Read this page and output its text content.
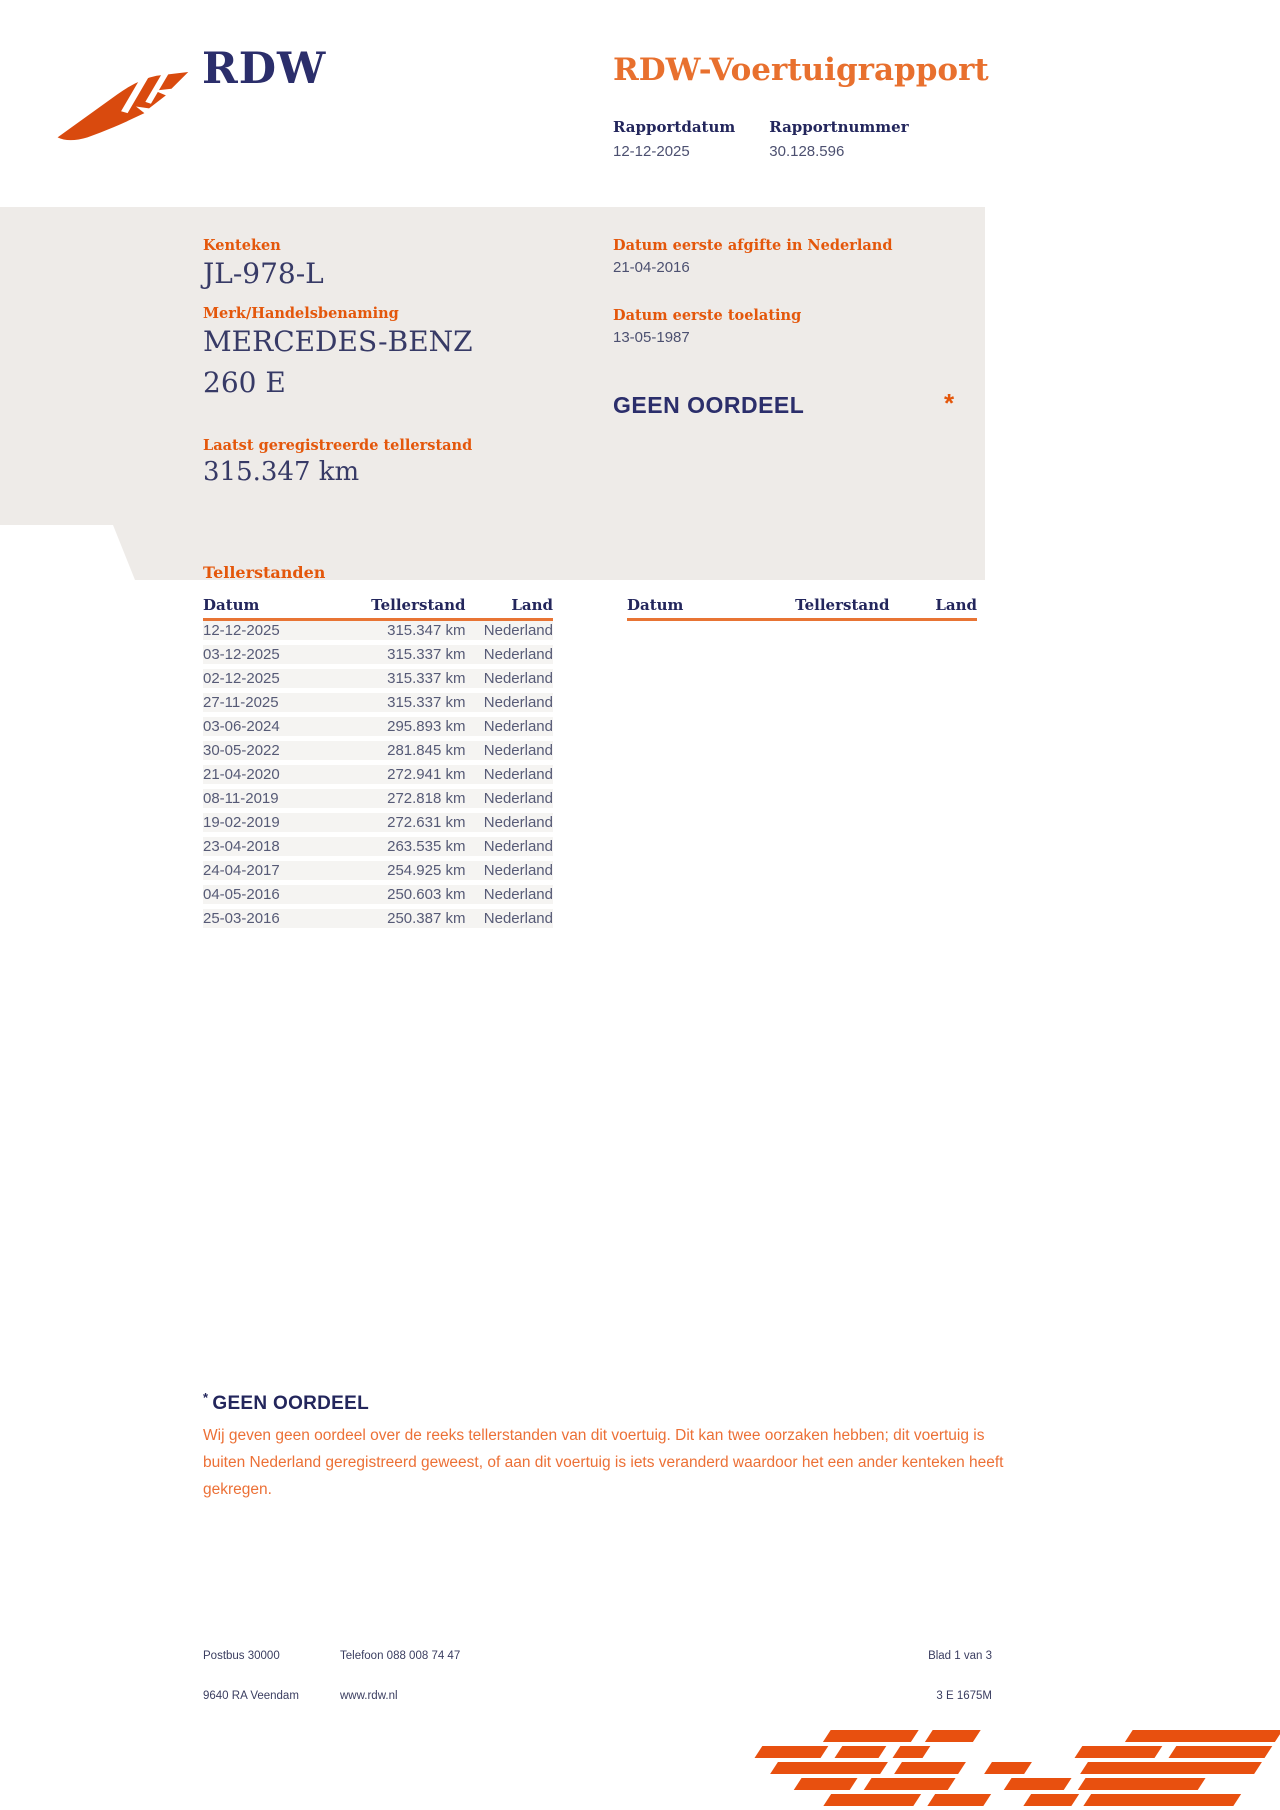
RDW	RDW-Voertuigrapport
Rapportdatum
12-12-2025
Rapportnummer
30.128.596
Kenteken
JL-978-L
Merk/Handelsbenaming
MERCEDES-BENZ
260 E
Laatst geregistreerde tellerstand
315.347 km
Datum eerste afgifte in Nederland
21-04-2016
Datum eerste toelating
13-05-1987
GEEN OORDEEL	*
Tellerstanden
Datum	Tellerstand	Land
12-12-2025	315.347 km	Nederland
03-12-2025	315.337 km	Nederland
02-12-2025	315.337 km	Nederland
27-11-2025	315.337 km	Nederland
03-06-2024	295.893 km	Nederland
30-05-2022	281.845 km	Nederland
21-04-2020	272.941 km	Nederland
08-11-2019	272.818 km	Nederland
19-02-2019	272.631 km	Nederland
23-04-2018	263.535 km	Nederland
24-04-2017	254.925 km	Nederland
04-05-2016	250.603 km	Nederland
25-03-2016	250.387 km	Nederland
Datum	Tellerstand	Land
* GEEN OORDEEL
Wij geven geen oordeel over de reeks tellerstanden van dit voertuig. Dit kan twee oorzaken hebben; dit voertuig is buiten Nederland geregistreerd geweest, of aan dit voertuig is iets veranderd waardoor het een ander kenteken heeft gekregen.
Postbus 30000
9640 RA Veendam
Telefoon 088 008 74 47
www.rdw.nl
Blad 1 van 3
3 E 1675M
